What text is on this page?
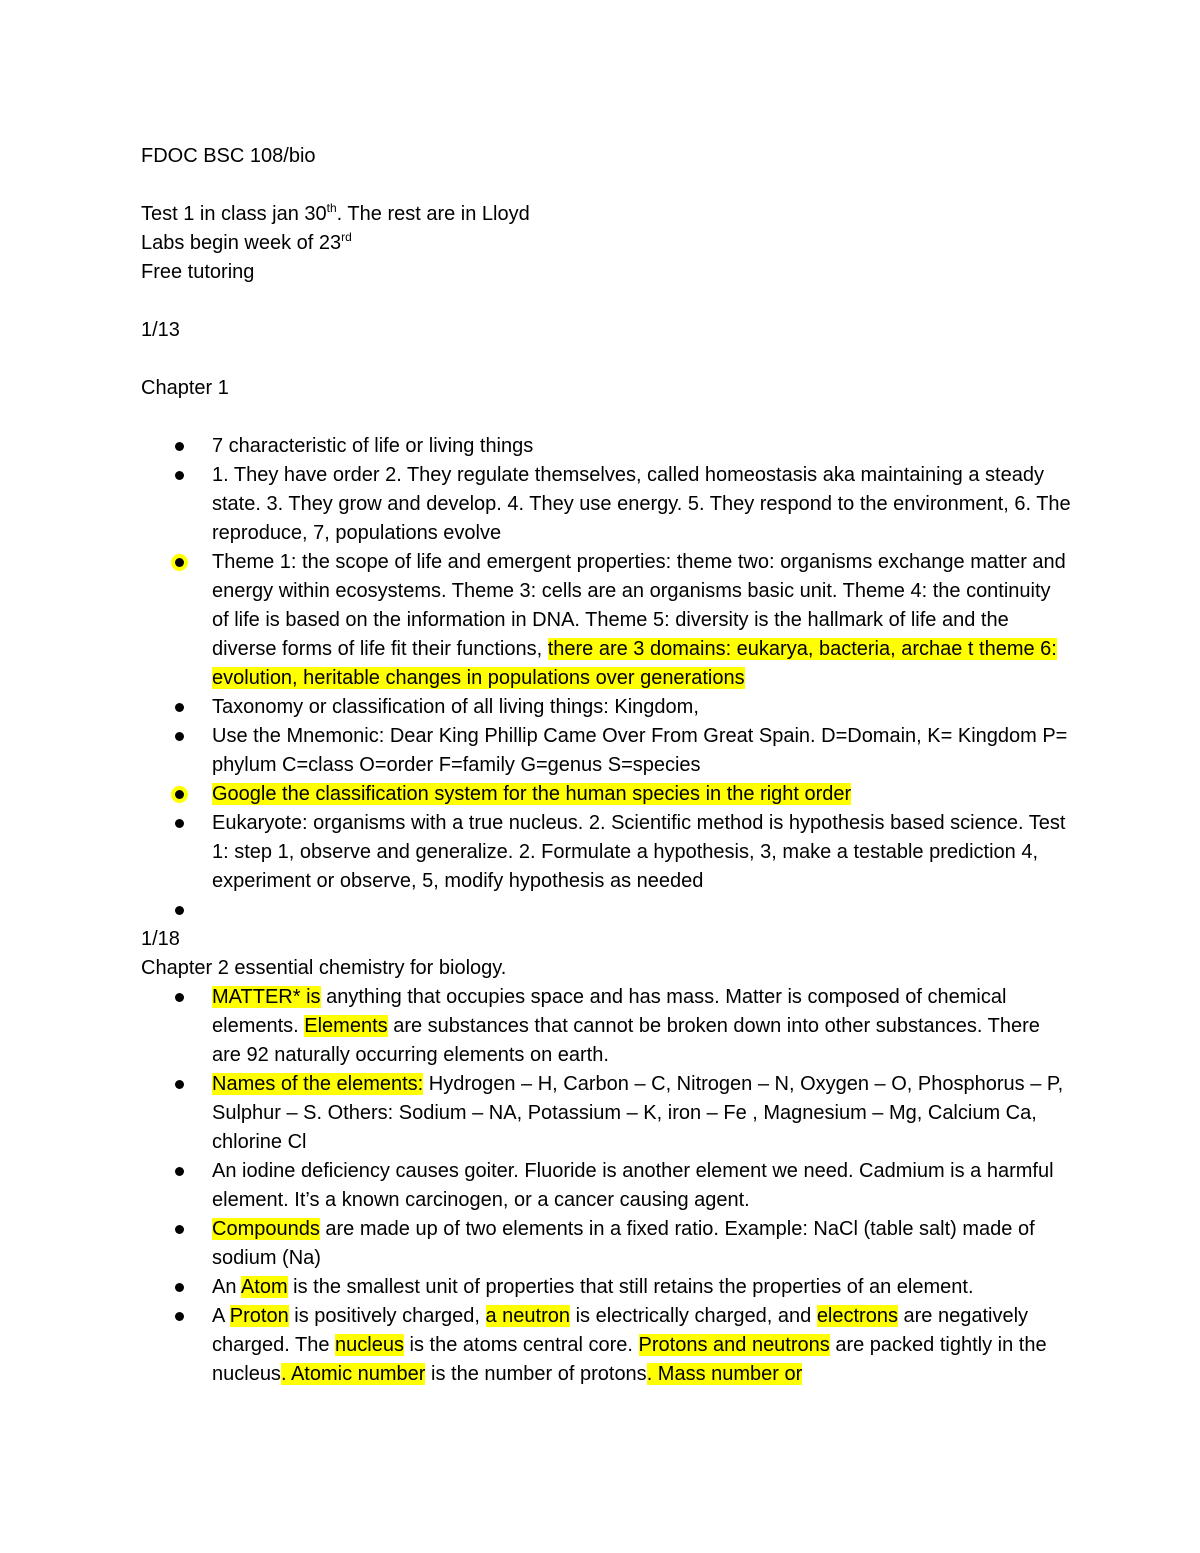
FDOC BSC 108/bio
Test 1 in class jan 30th. The rest are in Lloyd
Labs begin week of 23rd
Free tutoring
1/13
Chapter 1
7 characteristic of life or living things
1. They have order 2. They regulate themselves, called homeostasis aka maintaining a steady state. 3. They grow and develop. 4. They use energy. 5. They respond to the environment, 6. The reproduce, 7, populations evolve
Theme 1: the scope of life and emergent properties: theme two: organisms exchange matter and energy within ecosystems. Theme 3: cells are an organisms basic unit. Theme 4: the continuity of life is based on the information in DNA. Theme 5: diversity is the hallmark of life and the diverse forms of life fit their functions, there are 3 domains: eukarya, bacteria, archae t theme 6: evolution, heritable changes in populations over generations
Taxonomy or classification of all living things: Kingdom,
Use the Mnemonic: Dear King Phillip Came Over From Great Spain. D=Domain, K= Kingdom P= phylum C=class O=order F=family G=genus S=species
Google the classification system for the human species in the right order
Eukaryote: organisms with a true nucleus. 2. Scientific method is hypothesis based science. Test 1: step 1, observe and generalize. 2. Formulate a hypothesis, 3, make a testable prediction 4, experiment or observe, 5, modify hypothesis as needed
1/18
Chapter 2 essential chemistry for biology.
MATTER* is anything that occupies space and has mass. Matter is composed of chemical elements. Elements are substances that cannot be broken down into other substances. There are 92 naturally occurring elements on earth.
Names of the elements: Hydrogen – H, Carbon – C, Nitrogen – N, Oxygen – O, Phosphorus – P, Sulphur – S. Others: Sodium – NA, Potassium – K, iron – Fe , Magnesium – Mg, Calcium Ca, chlorine Cl
An iodine deficiency causes goiter. Fluoride is another element we need. Cadmium is a harmful element. It’s a known carcinogen, or a cancer causing agent.
Compounds are made up of two elements in a fixed ratio. Example: NaCl (table salt) made of sodium (Na)
An Atom is the smallest unit of properties that still retains the properties of an element.
A Proton is positively charged, a neutron is electrically charged, and electrons are negatively charged. The nucleus is the atoms central core. Protons and neutrons are packed tightly in the nucleus. Atomic number is the number of protons. Mass number or
